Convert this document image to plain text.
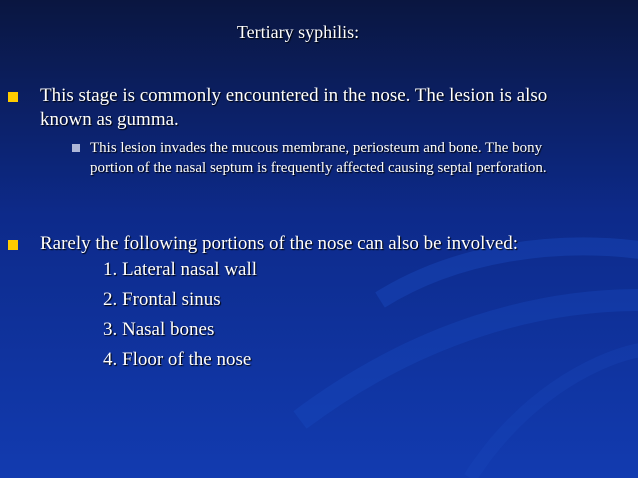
Tertiary syphilis:
This stage is commonly encountered in the nose. The lesion is also known as gumma.
This lesion invades the mucous membrane, periosteum and bone. The bony portion of the nasal septum is frequently affected causing septal perforation.
Rarely the following portions of the nose can also be involved:
1. Lateral nasal wall
2. Frontal sinus
3. Nasal bones
4. Floor of the nose
